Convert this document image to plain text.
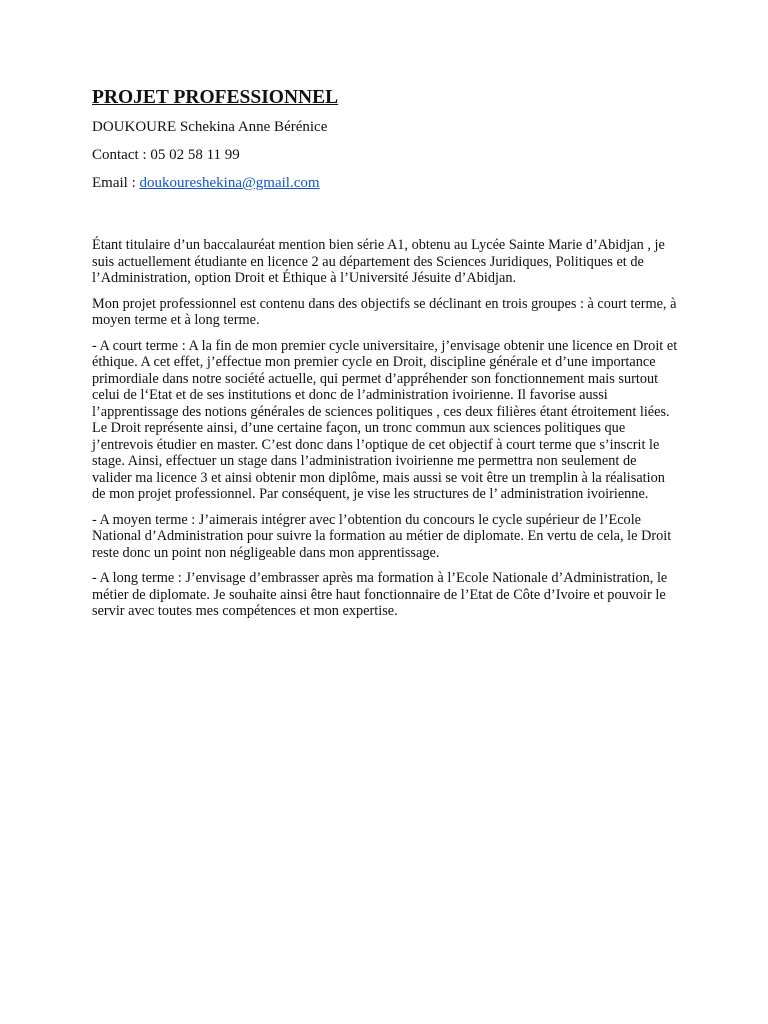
PROJET PROFESSIONNEL
DOUKOURE Schekina Anne Bérénice
Contact : 05 02 58 11 99
Email : doukoureshekina@gmail.com

Étant titulaire d’un baccalauréat mention bien série A1, obtenu au Lycée Sainte Marie d’Abidjan , je suis actuellement étudiante en licence 2 au département des Sciences Juridiques, Politiques et de l’Administration, option Droit et Éthique à l’Université Jésuite d’Abidjan.

Mon projet professionnel est contenu dans des objectifs se déclinant en trois groupes : à court terme, à moyen terme et à long terme.

- A court terme : A la fin de mon premier cycle universitaire, j’envisage obtenir une licence en Droit et éthique. A cet effet, j’effectue mon premier cycle en Droit, discipline générale et d’une importance primordiale dans notre société actuelle, qui permet d’appréhender son fonctionnement mais surtout celui de l‘Etat et de ses institutions et donc de l’administration ivoirienne. Il favorise aussi l’apprentissage des notions générales de sciences politiques , ces deux filières étant étroitement liées. Le Droit représente ainsi, d’une certaine façon, un tronc commun aux sciences politiques que j’entrevois étudier en master. C’est donc dans l’optique de cet objectif à court terme que s’inscrit le stage. Ainsi, effectuer un stage dans l’administration ivoirienne me permettra non seulement de valider ma licence 3 et ainsi obtenir mon diplôme, mais aussi se voit être un tremplin à la réalisation de mon projet professionnel. Par conséquent, je vise les structures de l’ administration ivoirienne.

- A moyen terme : J’aimerais intégrer avec l’obtention du concours le cycle supérieur de l’Ecole National d’Administration pour suivre la formation au métier de diplomate. En vertu de cela, le Droit reste donc un point non négligeable dans mon apprentissage.

- A long terme : J’envisage d’embrasser après ma formation à l’Ecole Nationale d’Administration, le métier de diplomate. Je souhaite ainsi être haut fonctionnaire de l’Etat de Côte d’Ivoire et pouvoir le servir avec toutes mes compétences et mon expertise.
